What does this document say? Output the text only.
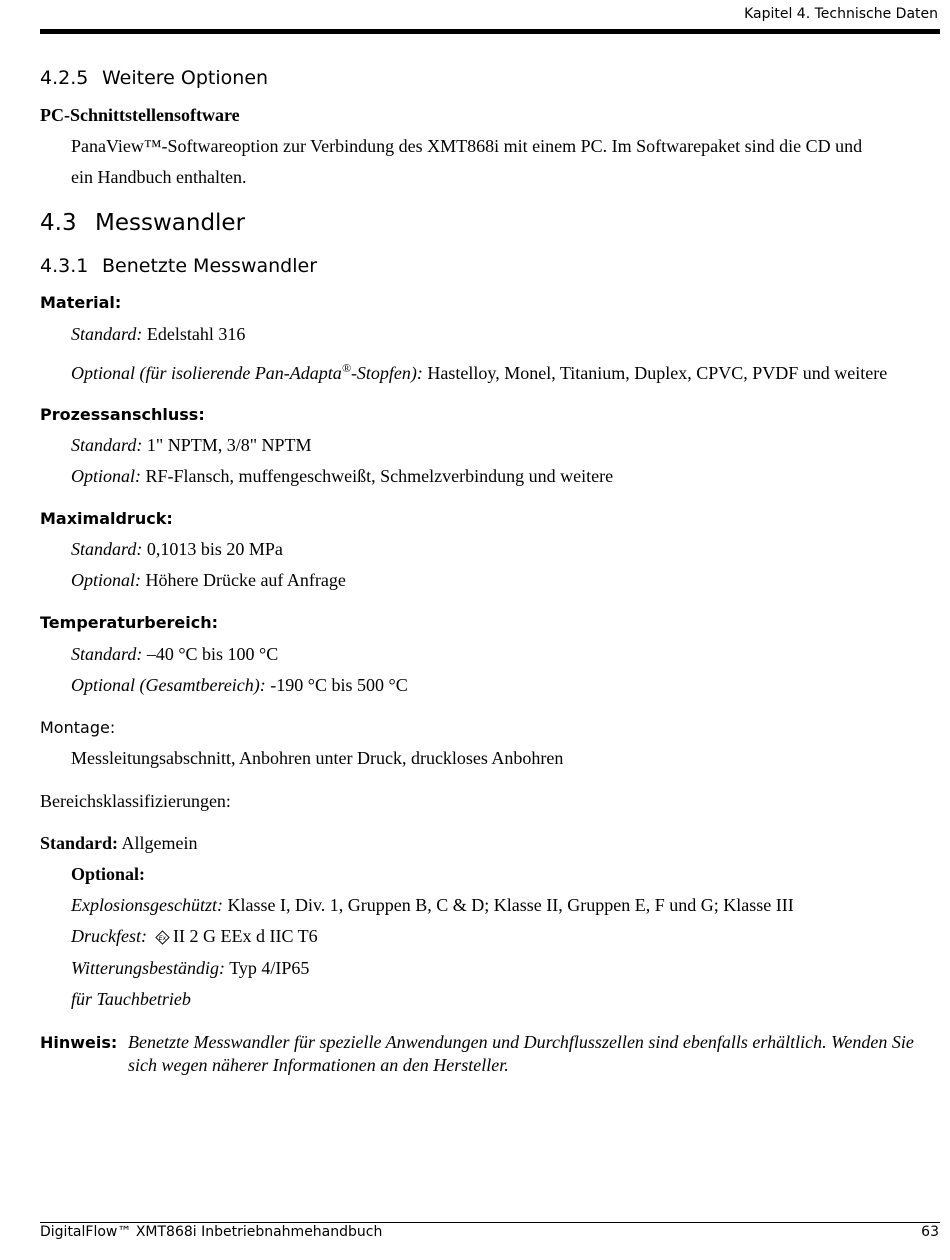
Kapitel 4. Technische Daten
4.2.5 Weitere Optionen
PC-Schnittstellensoftware
PanaView™-Softwareoption zur Verbindung des XMT868i mit einem PC. Im Softwarepaket sind die CD und
ein Handbuch enthalten.
4.3 Messwandler
4.3.1 Benetzte Messwandler
Material:
Standard: Edelstahl 316
Optional (für isolierende Pan-Adapta®-Stopfen): Hastelloy, Monel, Titanium, Duplex, CPVC, PVDF und weitere
Prozessanschluss:
Standard: 1" NPTM, 3/8" NPTM
Optional: RF-Flansch, muffengeschweißt, Schmelzverbindung und weitere
Maximaldruck:
Standard: 0,1013 bis 20 MPa
Optional: Höhere Drücke auf Anfrage
Temperaturbereich:
Standard: –40 °C bis 100 °C
Optional (Gesamtbereich): -190 °C bis 500 °C
Montage:
Messleitungsabschnitt, Anbohren unter Druck, druckloses Anbohren
Bereichsklassifizierungen:
Standard: Allgemein
Optional:
Explosionsgeschützt: Klasse I, Div. 1, Gruppen B, C & D; Klasse II, Gruppen E, F und G; Klasse III
Druckfest: Ex II 2 G EEx d IIC T6
Witterungsbeständig: Typ 4/IP65
für Tauchbetrieb
Hinweis: Benetzte Messwandler für spezielle Anwendungen und Durchflusszellen sind ebenfalls erhältlich. Wenden Sie sich wegen näherer Informationen an den Hersteller.
DigitalFlow™ XMT868i Inbetriebnahmehandbuch	63
